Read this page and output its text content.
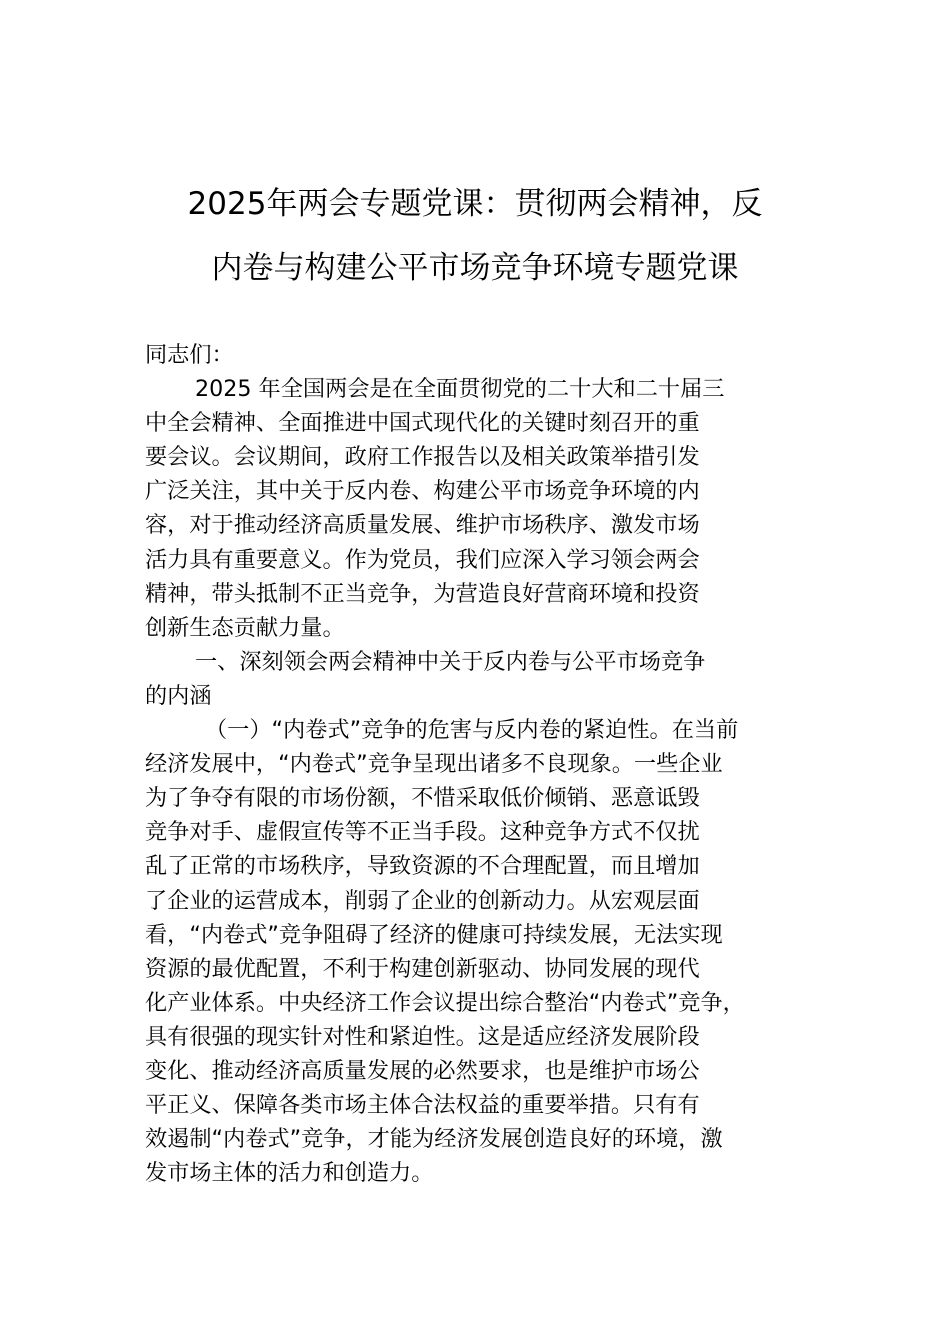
2025年两会专题党课：贯彻两会精神，反
内卷与构建公平市场竞争环境专题党课
同志们：
2025 年全国两会是在全面贯彻党的二十大和二十届三
中全会精神、全面推进中国式现代化的关键时刻召开的重
要会议。会议期间，政府工作报告以及相关政策举措引发
广泛关注，其中关于反内卷、构建公平市场竞争环境的内
容，对于推动经济高质量发展、维护市场秩序、激发市场
活力具有重要意义。作为党员，我们应深入学习领会两会
精神，带头抵制不正当竞争，为营造良好营商环境和投资
创新生态贡献力量。
一、深刻领会两会精神中关于反内卷与公平市场竞争
的内涵
（一）“内卷式”竞争的危害与反内卷的紧迫性。在当前
经济发展中，“内卷式”竞争呈现出诸多不良现象。一些企业
为了争夺有限的市场份额，不惜采取低价倾销、恶意诋毁
竞争对手、虚假宣传等不正当手段。这种竞争方式不仅扰
乱了正常的市场秩序，导致资源的不合理配置，而且增加
了企业的运营成本，削弱了企业的创新动力。从宏观层面
看，“内卷式”竞争阻碍了经济的健康可持续发展，无法实现
资源的最优配置，不利于构建创新驱动、协同发展的现代
化产业体系。中央经济工作会议提出综合整治“内卷式”竞争，
具有很强的现实针对性和紧迫性。这是适应经济发展阶段
变化、推动经济高质量发展的必然要求，也是维护市场公
平正义、保障各类市场主体合法权益的重要举措。只有有
效遏制“内卷式”竞争，才能为经济发展创造良好的环境，激
发市场主体的活力和创造力。
